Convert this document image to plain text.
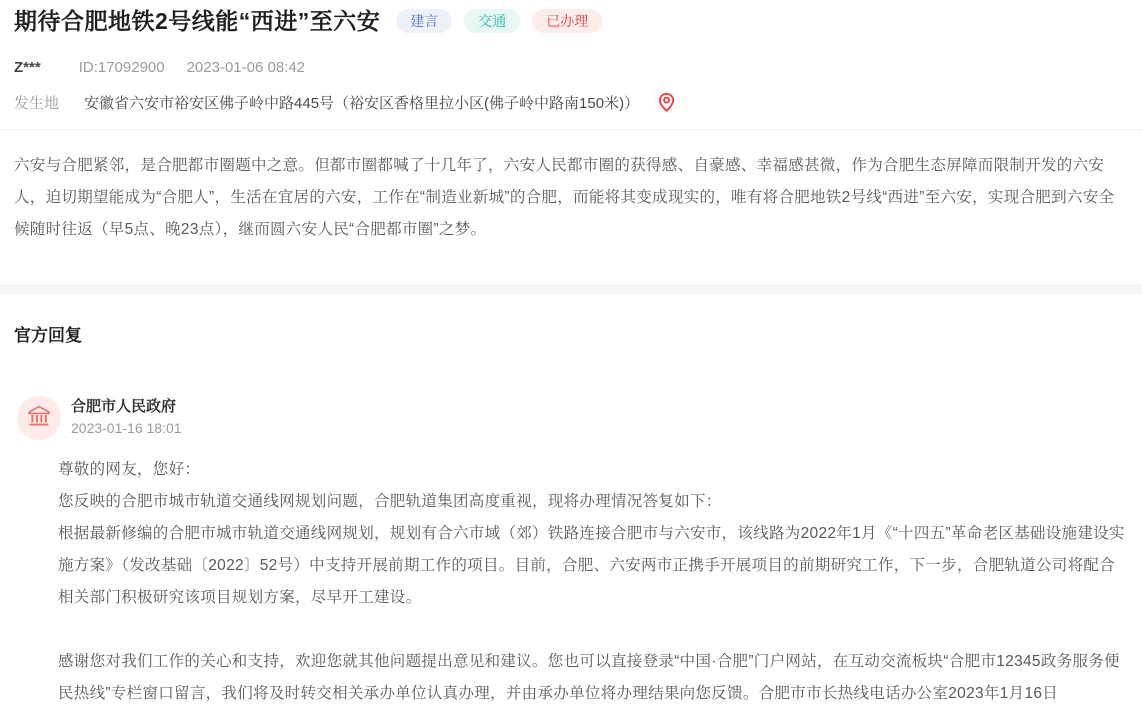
期待合肥地铁2号线能“西进”至六安	建言	交通	已办理
Z***	ID:17092900 2023-01-06 08:42
发生地 安徽省六安市裕安区佛子岭中路445号（裕安区香格里拉小区(佛子岭中路南150米)）
六安与合肥紧邻，是合肥都市圈题中之意。但都市圈都喊了十几年了，六安人民都市圈的获得感、自豪感、幸福感甚微，作为合肥生态屏障而限制开发的六安人，迫切期望能成为“合肥人”，生活在宜居的六安，工作在“制造业新城”的合肥，而能将其变成现实的，唯有将合肥地铁2号线“西进”至六安，实现合肥到六安全候随时往返（早5点、晚23点），继而圆六安人民“合肥都市圈”之梦。
官方回复
合肥市人民政府
2023-01-16 18:01
尊敬的网友，您好：
您反映的合肥市城市轨道交通线网规划问题，合肥轨道集团高度重视，现将办理情况答复如下：
根据最新修编的合肥市城市轨道交通线网规划，规划有合六市域（郊）铁路连接合肥市与六安市，该线路为2022年1月《“十四五”革命老区基础设施建设实施方案》（发改基础〔2022〕52号）中支持开展前期工作的项目。目前，合肥、六安两市正携手开展项目的前期研究工作，下一步，合肥轨道公司将配合相关部门积极研究该项目规划方案，尽早开工建设。
感谢您对我们工作的关心和支持，欢迎您就其他问题提出意见和建议。您也可以直接登录“中国·合肥”门户网站，在互动交流板块“合肥市12345政务服务便民热线”专栏窗口留言，我们将及时转交相关承办单位认真办理，并由承办单位将办理结果向您反馈。合肥市市长热线电话办公室2023年1月16日
